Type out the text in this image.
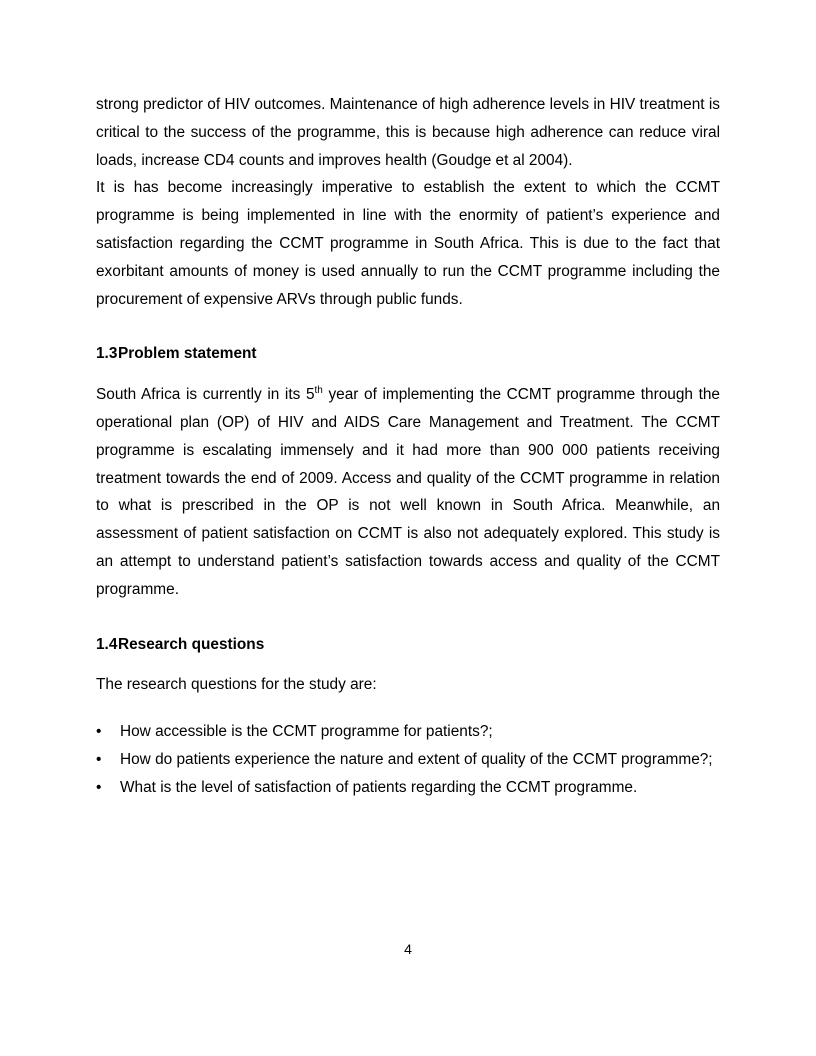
strong predictor of HIV outcomes. Maintenance of high adherence levels in HIV treatment is critical to the success of the programme, this is because high adherence can reduce viral loads, increase CD4 counts and improves health (Goudge et al 2004).

It is has become increasingly imperative to establish the extent to which the CCMT programme is being implemented in line with the enormity of patient’s experience and satisfaction regarding the CCMT programme in South Africa. This is due to the fact that exorbitant amounts of money is used annually to run the CCMT programme including the procurement of expensive ARVs through public funds.

1.3Problem statement

South Africa is currently in its 5th year of implementing the CCMT programme through the operational plan (OP) of HIV and AIDS Care Management and Treatment. The CCMT programme is escalating immensely and it had more than 900 000 patients receiving treatment towards the end of 2009. Access and quality of the CCMT programme in relation to what is prescribed in the OP is not well known in South Africa. Meanwhile, an assessment of patient satisfaction on CCMT is also not adequately explored. This study is an attempt to understand patient’s satisfaction towards access and quality of the CCMT programme.

1.4Research questions

The research questions for the study are:

• How accessible is the CCMT programme for patients?;
• How do patients experience the nature and extent of quality of the CCMT programme?;
• What is the level of satisfaction of patients regarding the CCMT programme.
4
